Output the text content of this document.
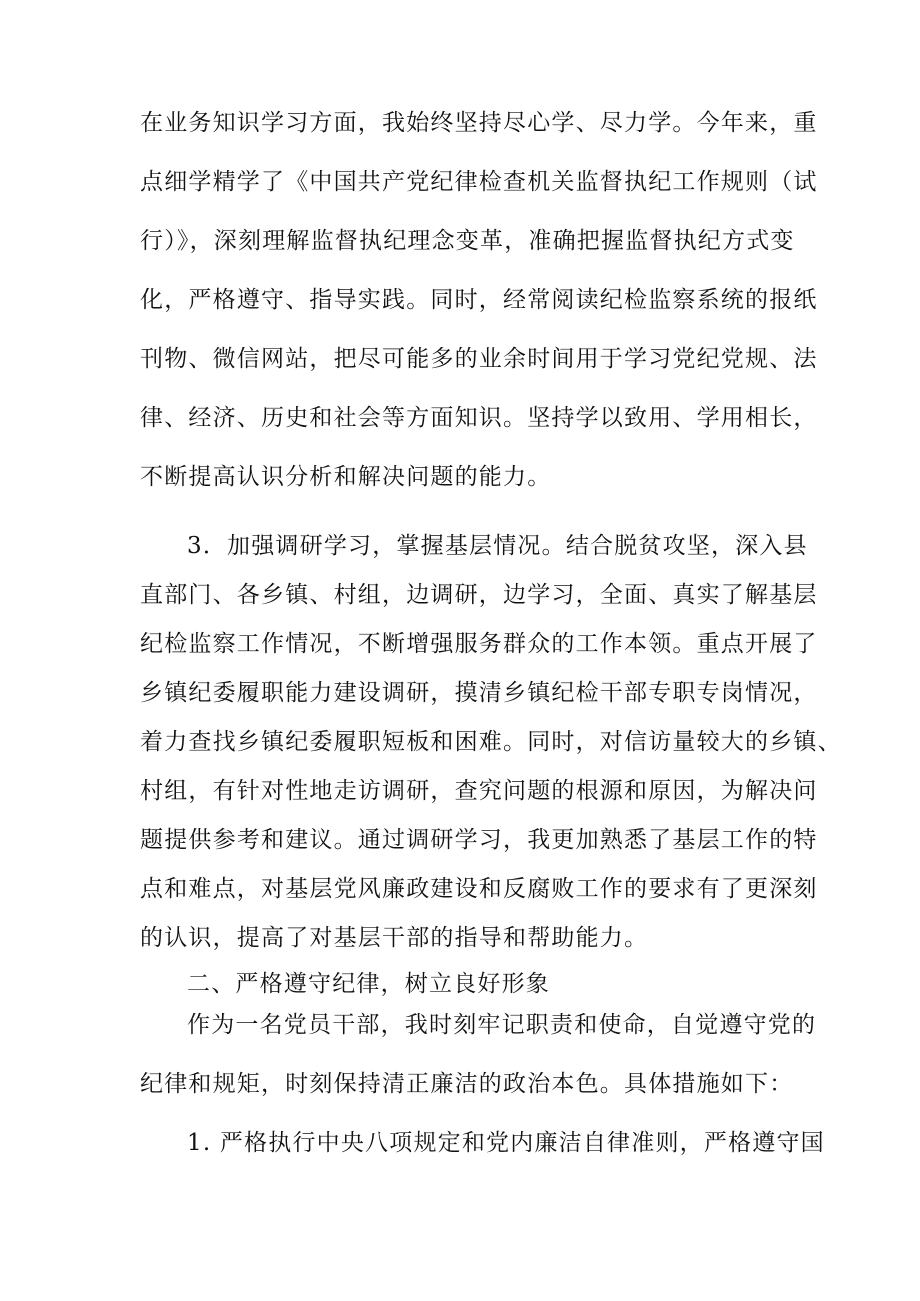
在业务知识学习方面，我始终坚持尽心学、尽力学。今年来，重
点细学精学了《中国共产党纪律检查机关监督执纪工作规则（试
行）》，深刻理解监督执纪理念变革，准确把握监督执纪方式变
化，严格遵守、指导实践。同时，经常阅读纪检监察系统的报纸
刊物、微信网站，把尽可能多的业余时间用于学习党纪党规、法
律、经济、历史和社会等方面知识。坚持学以致用、学用相长，
不断提高认识分析和解决问题的能力。
3．加强调研学习，掌握基层情况。结合脱贫攻坚，深入县
直部门、各乡镇、村组，边调研，边学习，全面、真实了解基层
纪检监察工作情况，不断增强服务群众的工作本领。重点开展了
乡镇纪委履职能力建设调研，摸清乡镇纪检干部专职专岗情况，
着力查找乡镇纪委履职短板和困难。同时，对信访量较大的乡镇、
村组，有针对性地走访调研，查究问题的根源和原因，为解决问
题提供参考和建议。通过调研学习，我更加熟悉了基层工作的特
点和难点，对基层党风廉政建设和反腐败工作的要求有了更深刻
的认识，提高了对基层干部的指导和帮助能力。
二、严格遵守纪律，树立良好形象
作为一名党员干部，我时刻牢记职责和使命，自觉遵守党的
纪律和规矩，时刻保持清正廉洁的政治本色。具体措施如下：
1. 严格执行中央八项规定和党内廉洁自律准则，严格遵守国
